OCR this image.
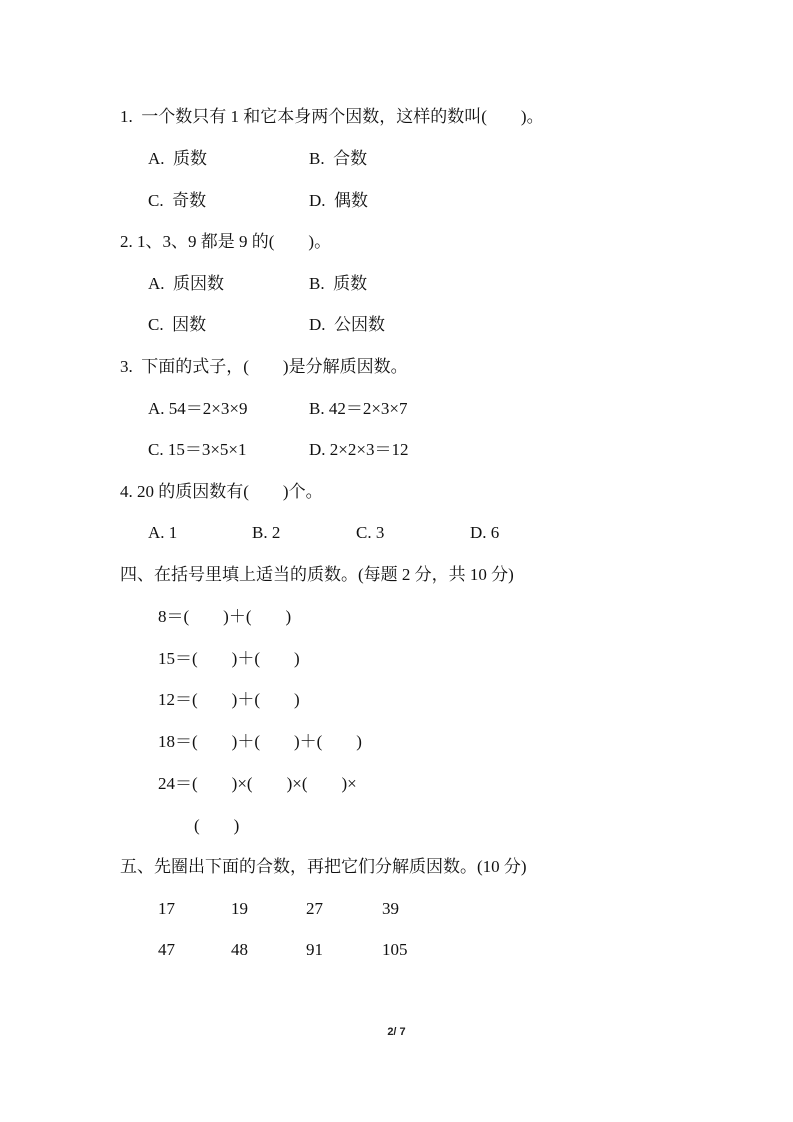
1.  一个数只有 1 和它本身两个因数，这样的数叫(        )。
A.  质数	B.  合数
C.  奇数	D.  偶数
2. 1、3、9 都是 9 的(        )。
A.  质因数	B.  质数
C.  因数	D.  公因数
3.  下面的式子，(        )是分解质因数。
A. 54＝2×3×9	B. 42＝2×3×7
C. 15＝3×5×1	D. 2×2×3＝12
4. 20 的质因数有(        )个。
A. 1	B. 2	C. 3	D. 6
四、在括号里填上适当的质数。(每题 2 分，共 10 分)
8＝(        )＋(        )
15＝(        )＋(        )
12＝(        )＋(        )
18＝(        )＋(        )＋(        )
24＝(        )×(        )×(        )×
(        )
五、先圈出下面的合数，再把它们分解质因数。(10 分)
17	19	27	39
47	48	91	105
2/ 7
